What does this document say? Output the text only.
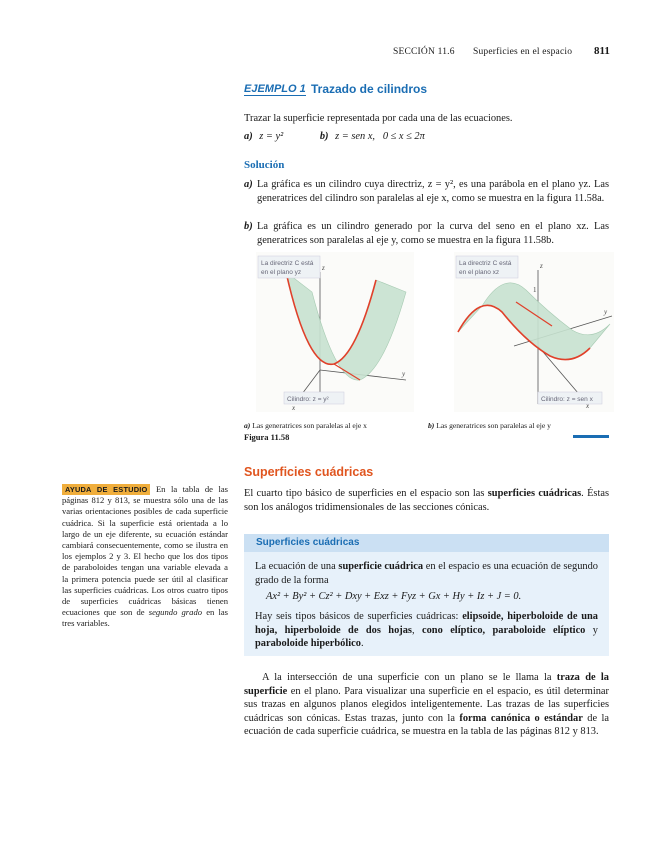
SECCIÓN 11.6 Superficies en el espacio 811
EJEMPLO 1 Trazado de cilindros
Trazar la superficie representada por cada una de las ecuaciones.
a) z = y²	b) z = sen x,   0 ≤ x ≤ 2π
Solución
a) La gráfica es un cilindro cuya directriz, z = y², es una parábola en el plano yz. Las generatrices del cilindro son paralelas al eje x, como se muestra en la figura 11.58a.
b) La gráfica es un cilindro generado por la curva del seno en el plano xz. Las generatrices son paralelas al eje y, como se muestra en la figura 11.58b.
La directriz C está
en el plano yz
Cilindro: z = y²
z
y
x
La directriz C está
en el plano xz
Cilindro: z = sen x
z
y
x
1
a) Las generatrices son paralelas al eje x	b) Las generatrices son paralelas al eje y
Figura 11.58
Superficies cuádricas
El cuarto tipo básico de superficies en el espacio son las superficies cuádricas. Éstas son los análogos tridimensionales de las secciones cónicas.
AYUDA DE ESTUDIO En la tabla de las páginas 812 y 813, se muestra sólo una de las varias orientaciones posibles de cada superficie cuádrica. Si la superficie está orientada a lo largo de un eje diferente, su ecuación estándar cambiará consecuentemente, como se ilustra en los ejemplos 2 y 3. El hecho que los dos tipos de paraboloides tengan una variable elevada a la primera potencia puede ser útil al clasificar las superficies cuádricas. Los otros cuatro tipos de superficies cuádricas básicas tienen ecuaciones que son de segundo grado en las tres variables.
Superficies cuádricas
La ecuación de una superficie cuádrica en el espacio es una ecuación de segundo grado de la forma
Ax² + By² + Cz² + Dxy + Exz + Fyz + Gx + Hy + Iz + J = 0.
Hay seis tipos básicos de superficies cuádricas: elipsoide, hiperboloide de una hoja, hiperboloide de dos hojas, cono elíptico, paraboloide elíptico y paraboloide hiperbólico.
A la intersección de una superficie con un plano se le llama la traza de la superficie en el plano. Para visualizar una superficie en el espacio, es útil determinar sus trazas en algunos planos elegidos inteligentemente. Las trazas de las superficies cuádricas son cónicas. Estas trazas, junto con la forma canónica o estándar de la ecuación de cada superficie cuádrica, se muestra en la tabla de las páginas 812 y 813.
